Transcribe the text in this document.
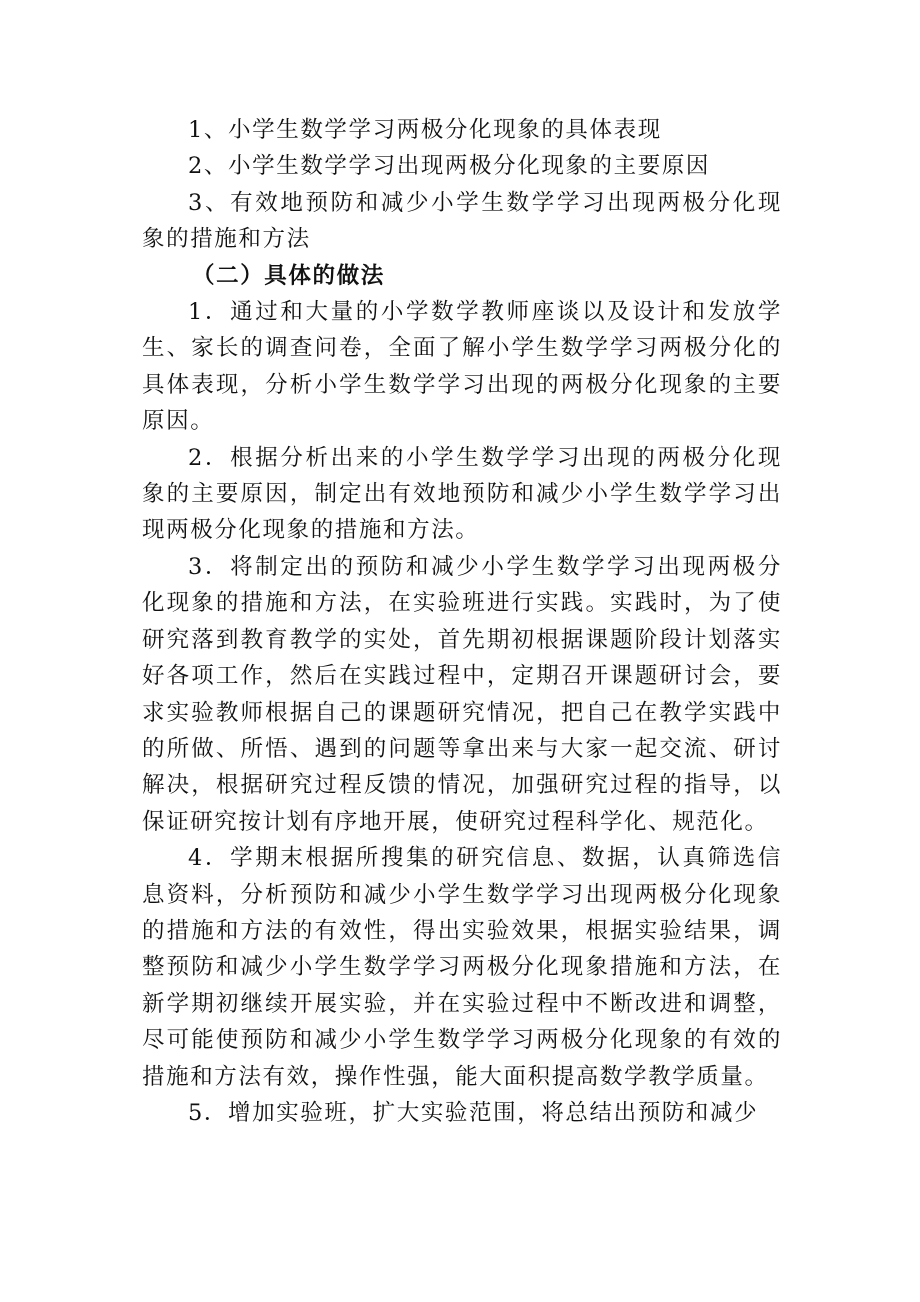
1、小学生数学学习两极分化现象的具体表现

2、小学生数学学习出现两极分化现象的主要原因

3、有效地预防和减少小学生数学学习出现两极分化现象的措施和方法

（二）具体的做法

1．通过和大量的小学数学教师座谈以及设计和发放学生、家长的调查问卷，全面了解小学生数学学习两极分化的具体表现，分析小学生数学学习出现的两极分化现象的主要原因。

2．根据分析出来的小学生数学学习出现的两极分化现象的主要原因，制定出有效地预防和减少小学生数学学习出现两极分化现象的措施和方法。

3．将制定出的预防和减少小学生数学学习出现两极分化现象的措施和方法，在实验班进行实践。实践时，为了使研究落到教育教学的实处，首先期初根据课题阶段计划落实好各项工作，然后在实践过程中，定期召开课题研讨会，要求实验教师根据自己的课题研究情况，把自己在教学实践中的所做、所悟、遇到的问题等拿出来与大家一起交流、研讨解决，根据研究过程反馈的情况，加强研究过程的指导，以保证研究按计划有序地开展，使研究过程科学化、规范化。

4．学期末根据所搜集的研究信息、数据，认真筛选信息资料，分析预防和减少小学生数学学习出现两极分化现象的措施和方法的有效性，得出实验效果，根据实验结果，调整预防和减少小学生数学学习两极分化现象措施和方法，在新学期初继续开展实验，并在实验过程中不断改进和调整，尽可能使预防和减少小学生数学学习两极分化现象的有效的措施和方法有效，操作性强，能大面积提高数学教学质量。

5．增加实验班，扩大实验范围，将总结出预防和减少
